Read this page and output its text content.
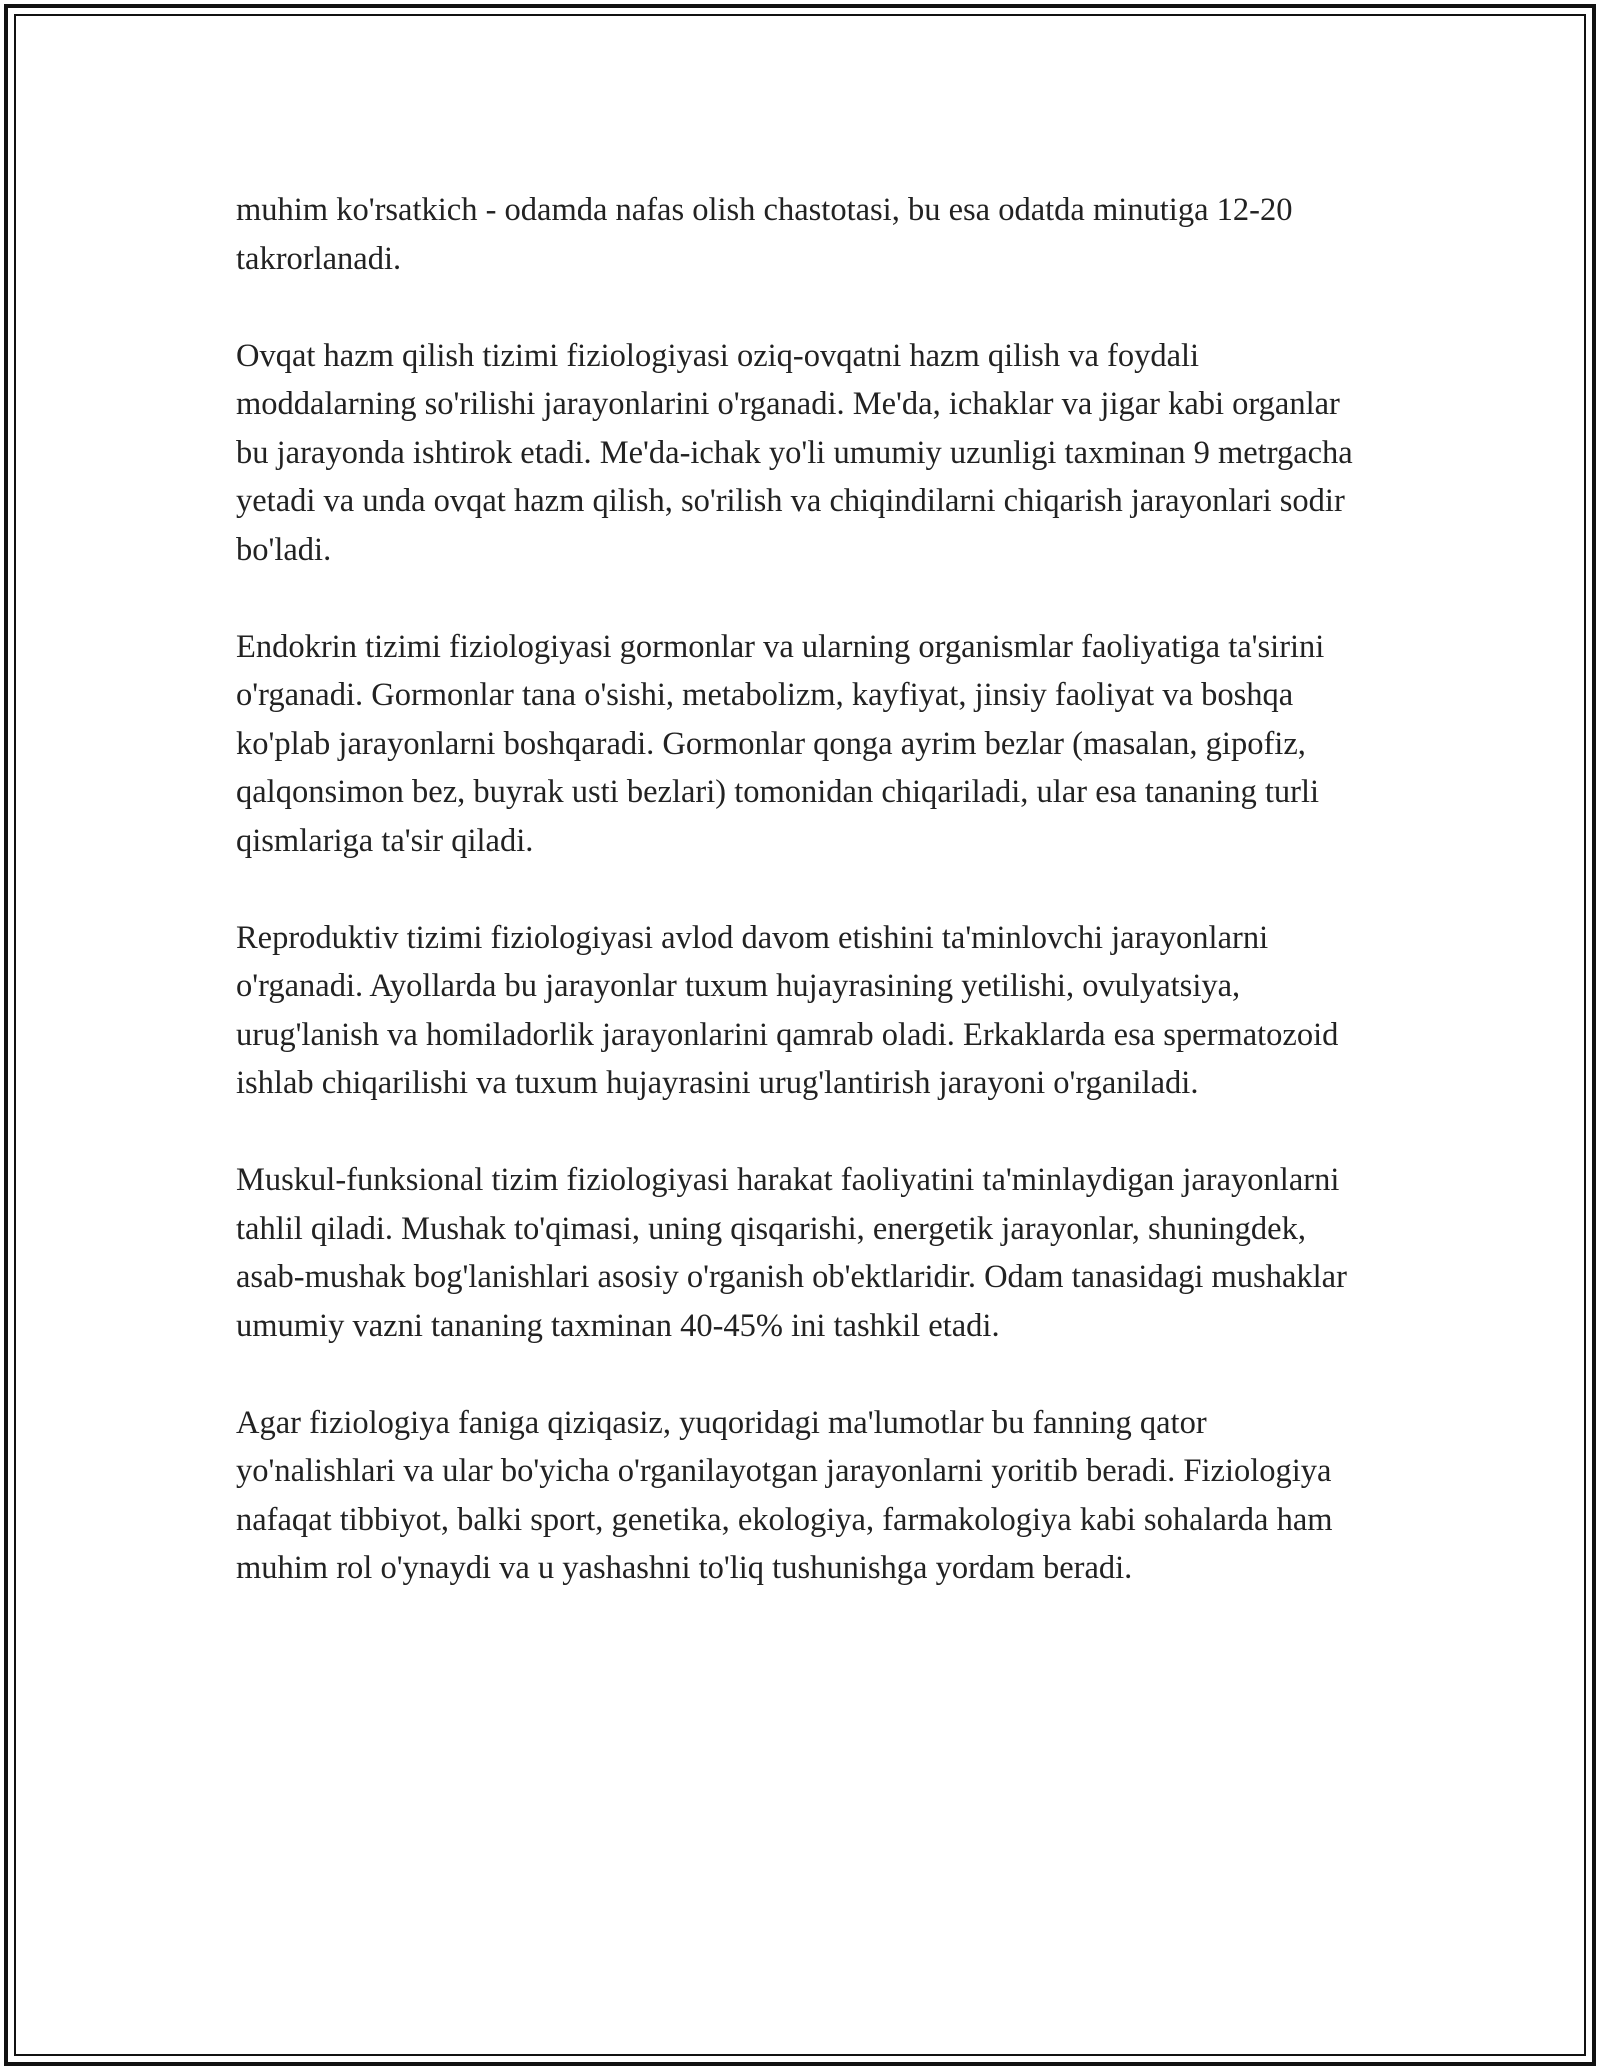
muhim ko'rsatkich - odamda nafas olish chastotasi, bu esa odatda minutiga 12-20 takrorlanadi.

Ovqat hazm qilish tizimi fiziologiyasi oziq-ovqatni hazm qilish va foydali moddalarning so'rilishi jarayonlarini o'rganadi. Me'da, ichaklar va jigar kabi organlar bu jarayonda ishtirok etadi. Me'da-ichak yo'li umumiy uzunligi taxminan 9 metrgacha yetadi va unda ovqat hazm qilish, so'rilish va chiqindilarni chiqarish jarayonlari sodir bo'ladi.

Endokrin tizimi fiziologiyasi gormonlar va ularning organismlar faoliyatiga ta'sirini o'rganadi. Gormonlar tana o'sishi, metabolizm, kayfiyat, jinsiy faoliyat va boshqa ko'plab jarayonlarni boshqaradi. Gormonlar qonga ayrim bezlar (masalan, gipofiz, qalqonsimon bez, buyrak usti bezlari) tomonidan chiqariladi, ular esa tananing turli qismlariga ta'sir qiladi.

Reproduktiv tizimi fiziologiyasi avlod davom etishini ta'minlovchi jarayonlarni o'rganadi. Ayollarda bu jarayonlar tuxum hujayrasining yetilishi, ovulyatsiya, urug'lanish va homiladorlik jarayonlarini qamrab oladi. Erkaklarda esa spermatozoid ishlab chiqarilishi va tuxum hujayrasini urug'lantirish jarayoni o'rganiladi.

Muskul-funksional tizim fiziologiyasi harakat faoliyatini ta'minlaydigan jarayonlarni tahlil qiladi. Mushak to'qimasi, uning qisqarishi, energetik jarayonlar, shuningdek, asab-mushak bog'lanishlari asosiy o'rganish ob'ektlaridir. Odam tanasidagi mushaklar umumiy vazni tananing taxminan 40-45% ini tashkil etadi.

Agar fiziologiya faniga qiziqasiz, yuqoridagi ma'lumotlar bu fanning qator yo'nalishlari va ular bo'yicha o'rganilayotgan jarayonlarni yoritib beradi. Fiziologiya nafaqat tibbiyot, balki sport, genetika, ekologiya, farmakologiya kabi sohalarda ham muhim rol o'ynaydi va u yashashni to'liq tushunishga yordam beradi.
